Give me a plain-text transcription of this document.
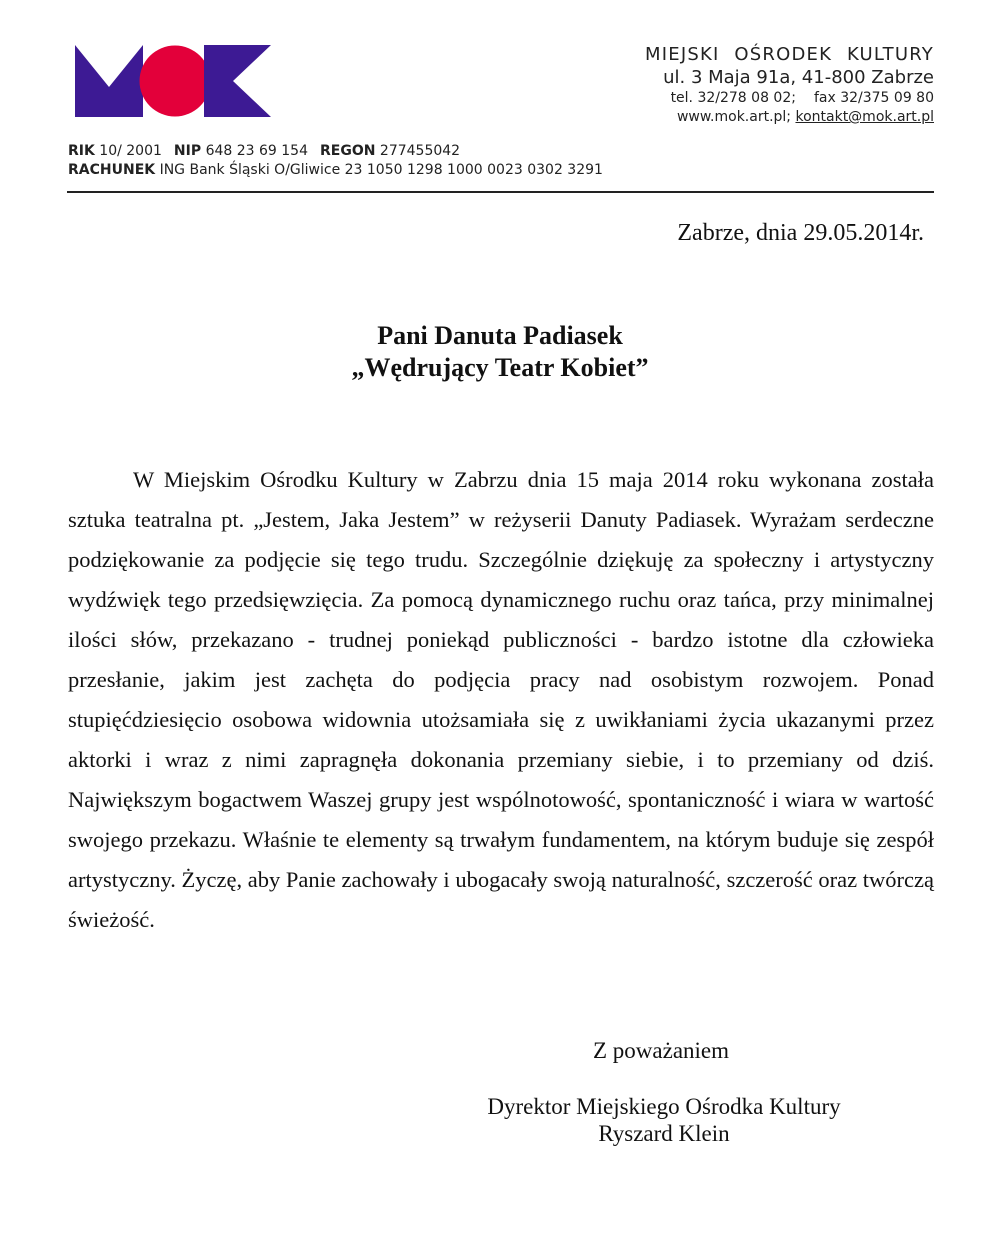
MIEJSKI OŚRODEK KULTURY
ul. 3 Maja 91a, 41-800 Zabrze
tel. 32/278 08 02; fax 32/375 09 80
www.mok.art.pl; kontakt@mok.art.pl
RIK 10/ 2001 NIP 648 23 69 154 REGON 277455042
RACHUNEK ING Bank Śląski O/Gliwice 23 1050 1298 1000 0023 0302 3291
Zabrze, dnia 29.05.2014r.
Pani Danuta Padiasek
„Wędrujący Teatr Kobiet”

W Miejskim Ośrodku Kultury w Zabrzu dnia 15 maja 2014 roku wykonana została sztuka teatralna pt. „Jestem, Jaka Jestem” w reżyserii Danuty Padiasek. Wyrażam serdeczne podziękowanie za podjęcie się tego trudu. Szczególnie dziękuję za społeczny i artystyczny wydźwięk tego przedsięwzięcia. Za pomocą dynamicznego ruchu oraz tańca, przy minimalnej ilości słów, przekazano - trudnej poniekąd publiczności - bardzo istotne dla człowieka przesłanie, jakim jest zachęta do podjęcia pracy nad osobistym rozwojem. Ponad stupięćdziesięcio osobowa widownia utożsamiała się z uwikłaniami życia ukazanymi przez aktorki i wraz z nimi zapragnęła dokonania przemiany siebie, i to przemiany od dziś. Największym bogactwem Waszej grupy jest wspólnotowość, spontaniczność i wiara w wartość swojego przekazu. Właśnie te elementy są trwałym fundamentem, na którym buduje się zespół artystyczny. Życzę, aby Panie zachowały i ubogacały swoją naturalność, szczerość oraz twórczą świeżość.

Z poważaniem
Dyrektor Miejskiego Ośrodka Kultury
Ryszard Klein
